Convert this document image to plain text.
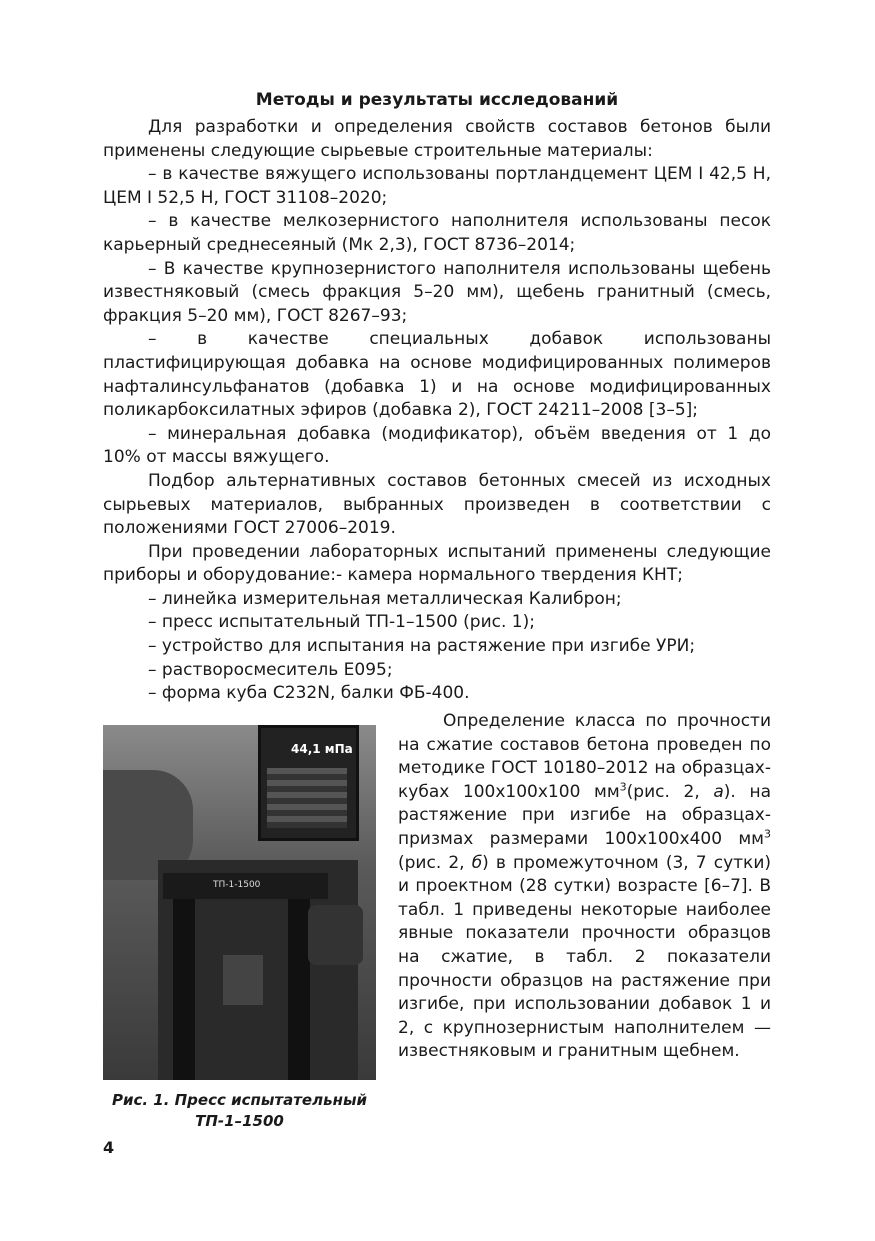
Методы и результаты исследований

Для разработки и определения свойств составов бетонов были применены следующие сырьевые строительные материалы:

– в качестве вяжущего использованы портландцемент ЦЕМ I 42,5 Н, ЦЕМ I 52,5 Н, ГОСТ 31108–2020;

– в качестве мелкозернистого наполнителя использованы песок карьерный среднесеяный (Мк 2,3), ГОСТ 8736–2014;

– В качестве крупнозернистого наполнителя использованы щебень известняковый (смесь фракция 5–20 мм), щебень гранитный (смесь, фракция 5–20 мм), ГОСТ 8267–93;

– в качестве специальных добавок использованы пластифицирующая добавка на основе модифицированных полимеров нафталинсульфанатов (добавка 1) и на основе модифицированных поликарбоксилатных эфиров (добавка 2), ГОСТ 24211–2008 [3–5];

– минеральная добавка (модификатор), объём введения от 1 до 10% от массы вяжущего.

Подбор альтернативных составов бетонных смесей из исходных сырьевых материалов, выбранных произведен в соответствии с положениями ГОСТ 27006–2019.

При проведении лабораторных испытаний применены следующие приборы и оборудование:- камера нормального твердения КНТ;

– линейка измерительная металлическая Калиброн;

– пресс испытательный ТП-1–1500 (рис. 1);

– устройство для испытания на растяжение при изгибе УРИ;

– растворосмеситель Е095;

– форма куба С232N, балки ФБ-400.

44,1 мПа
ТП-1-1500
Рис. 1. Пресс испытательный
ТП-1–1500

Определение класса по прочности на сжатие составов бетона проведен по методике ГОСТ 10180–2012 на образцах-кубах 100х100х100 $мм^3(рис$. 2, а). на растяжение при изгибе на образцах-призмах размерами 100х100х400 $мм^3$ (рис. 2, б) в промежуточном (3, 7 сутки) и проектном (28 сутки) возрасте [6–7]. В табл. 1 приведены некоторые наиболее явные показатели прочности образцов на сжатие, в табл. 2 показатели прочности образцов на растяжение при изгибе, при использовании добавок 1 и 2, с крупнозернистым наполнителем — известняковым и гранитным щебнем.

4
